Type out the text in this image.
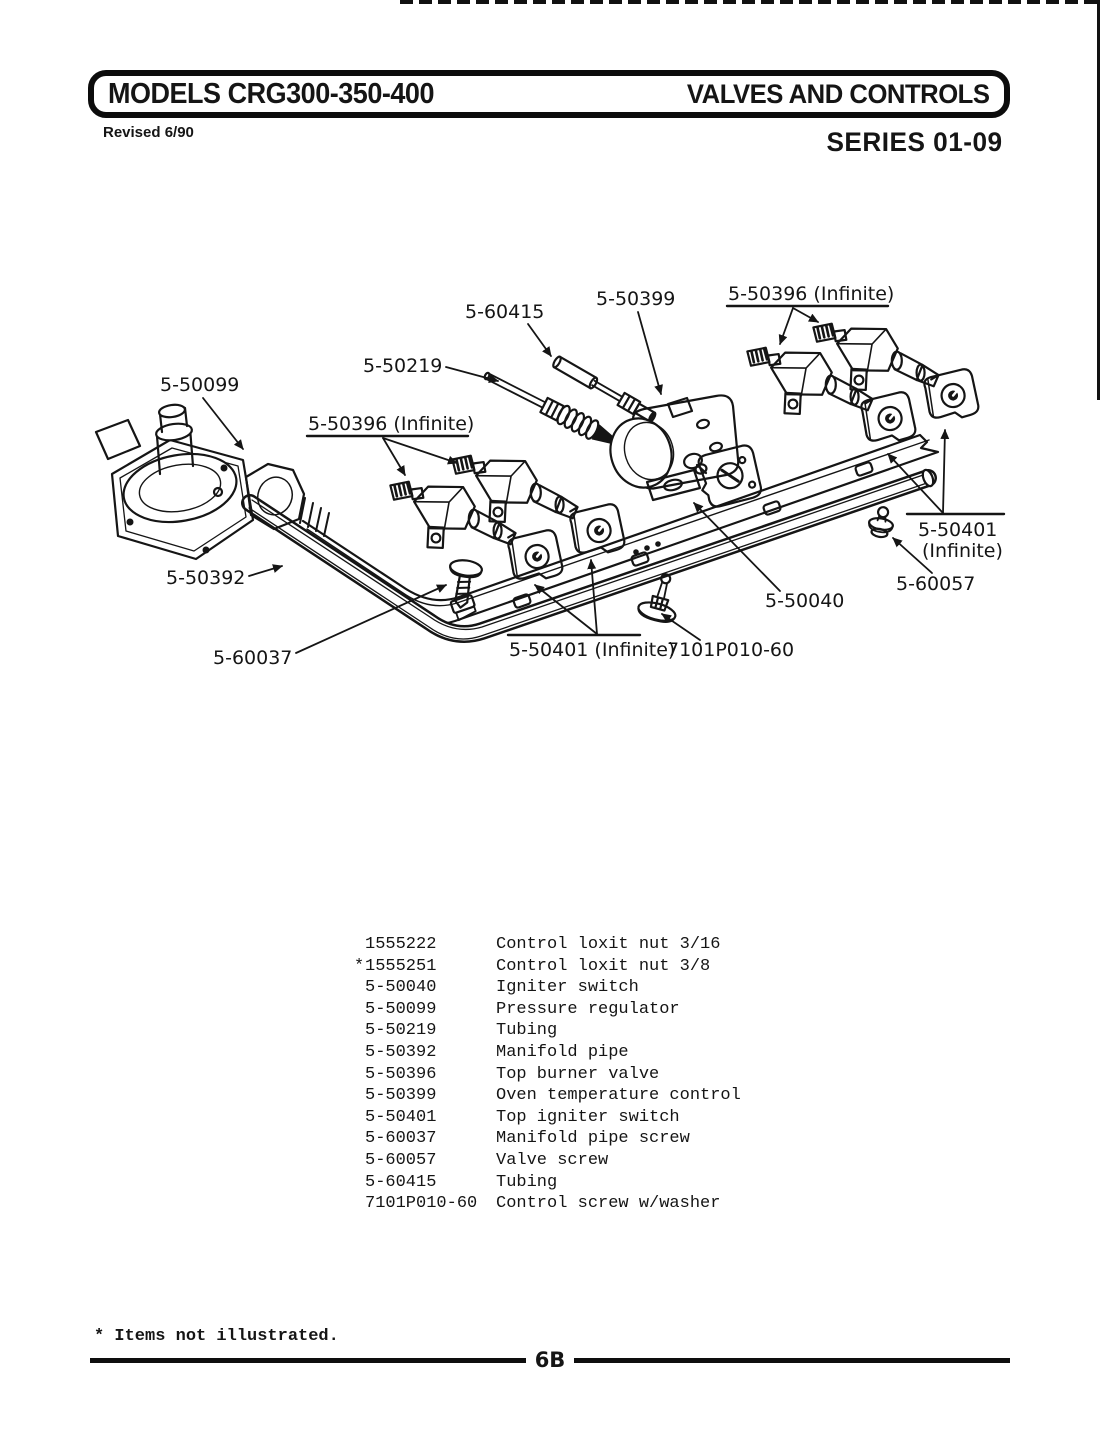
MODELS CRG300-350-400	VALVES AND CONTROLS
Revised 6/90	SERIES 01-09
5-50099
5-50219
5-60415
5-50399	5-50396 (Infinite)
5-50396 (Infinite)
5-50392
5-60037	5-50401 (Infinite)
7101P010-60
5-50040
5-60057
5-50401
(Infinite)
1555222	Control loxit nut 3/16
* 1555251	Control loxit nut 3/8
5-50040	Igniter switch
5-50099	Pressure regulator
5-50219	Tubing
5-50392	Manifold pipe
5-50396	Top burner valve
5-50399	Oven temperature control
5-50401	Top igniter switch
5-60037	Manifold pipe screw
5-60057	Valve screw
5-60415	Tubing
7101P010-60	Control screw w/washer
* Items not illustrated.
6B
